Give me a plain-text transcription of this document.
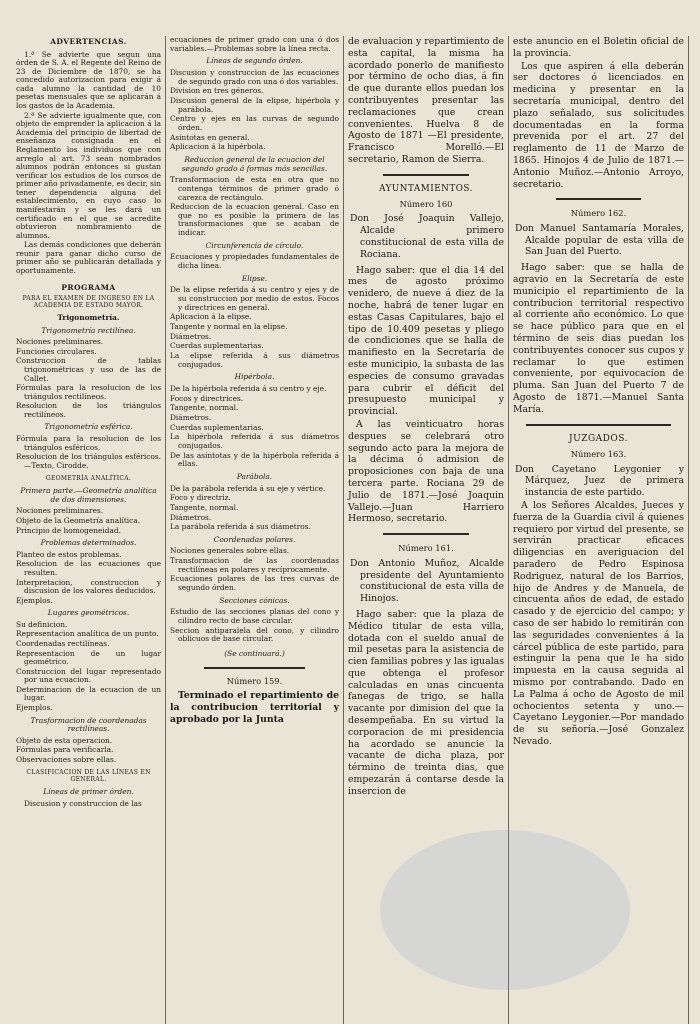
ADVERTENCIAS.

1.ª Se advierte que segun una órden de S. A. el Regente del Reino de 23 de Diciembre de 1870, se ha concedido autorizacion para exigir á cada alumno la cantidad de 10 pesetas mensuales que se aplicarán á los gastos de la Academia.

2.ª Se advierte igualmente que, con objeto de emprender la aplicacion á la Academia del principio de libertad de enseñanza consignada en el Reglamento los individuos que con arreglo al art. 73 sean nombrados alumnos podrán entonces si gustan verificar los estudios de los cursos de primer año privadamente, es decir, sin tener dependencia alguna del establecimiento, en cuyo caso lo manifestarán y se les dará un certificado en el que se acredite obtuvieron nombramiento de alumnos.

Las demás condiciones que deberán reunir para ganar dicho curso de primer año se publicarán detallada y oportunamente.

PROGRAMA
PARA EL EXAMEN DE INGRESO EN LA ACADEMIA DE ESTADO MAYOR.
Trigonometría.
Trigonometría rectilínea.

Nociones preliminares.

Funciones circulares.

Construccion de tablas trigonométricas y uso de las de Callet.

Fórmulas para la resolucion de los triángulos rectilíneos.

Resolucion de los triángulos rectilíneos.

Trigonometría esférica.

Fórmula para la resolucion de los triángulos esféricos.

Resolucion de los triángulos esféricos.—Texto, Cirodde.

GEOMETRÍA ANALÍTICA.
Primera parte.—Geometría analítica de dos dimensiones.

Nociones preliminares.

Objeto de la Geometría analítica.

Principio de homogeneidad.

Problemas determinados.

Planteo de estos problemas.

Resolucion de las ecuaciones que resulten.

Interpretacion, construccion y discusion de los valores deducidos.

Ejemplos.

Lugares geométricos.

Su definicion.

Representacion analítica de un punto.

Coordenadas rectilíneas.

Representacion de un lugar geométrico.

Construccion del lugar representado por una ecuacion.

Determinacion de la ecuacion de un lugar.

Ejemplos.

Trasformacion de coordenadas rectilíneas.

Objeto de esta operacion.

Fórmulas para verificarla.

Observaciones sobre ellas.

CLASIFICACION DE LAS LÍNEAS EN GENERAL.
Líneas de primer órden.

Discusion y construccion de las

ecuaciones de primer grado con una ó dos variables.—Problemas sobre la línea recta.

Líneas de segundo órden.

Discusion y construccion de las ecuaciones de segundo grado con una ó dos variables.

Division en tres géneros.

Discusion general de la elipse, hipérbola y parábola.

Centro y ejes en las curvas de segundo órden.

Asíntotas en general.

Aplicacion á la hipérbola.

Reduccion general de la ecuacion del segundo grado á formas más sencillas.

Transformacion de esta en otra que no contenga términos de primer grado ó carezca de rectángulo.

Reduccion de la ecuacion general. Caso en que no es posible la primera de las transformaciones que se acaban de indicar.

Circunferencia de círculo.

Ecuaciones y propiedades fundamentales de dicha línea.

Elipse.

De la elipse referida á su centro y ejes y de su construccion por medio de estos. Focos y directrices en general.

Aplicacion á la elipse.

Tangente y normal en la elipse.

Diámetros.

Cuerdas suplementarias.

La elipse referida á sus diámetros conjugados.

Hipérbola.

De la hipérbola referida á su centro y eje.

Focos y directrices.

Tangente, normal.

Diámetros.

Cuerdas suplementarias.

La hipérbola referida á sus diámetros conjugados.

De las asíntotas y de la hipérbola referida á ellas.

Parábola.

De la parábola referida á su eje y vértice.

Foco y directriz.

Tangente, normal.

Diámetros.

La parábola referida á sus diámetros.

Coordenadas polares.

Nociones generales sobre ellas.

Transformacion de las coordenadas rectilíneas en polares y recíprocamente.

Ecuaciones polares de las tres curvas de segundo órden.

Secciones cónicas.

Estudio de las secciones planas del cono y cilindro recto de base circular.

Seccion antiparalela del cono, y cilindro oblicuos de base circular.

(Se continuará.)
Número 159.

Terminado el repartimiento de la contribucion territorial y aprobado por la Junta

de evaluacion y repartimiento de esta capital, la misma ha acordado ponerlo de manifiesto por término de ocho dias, á fin de que durante ellos puedan los contribuyentes presentar las reclamaciones que crean convenientes. Huelva 8 de Agosto de 1871 —El presidente, Francisco Morelló.—El secretario, Ramon de Sierra.

AYUNTAMIENTOS.
Número 160

Don José Joaquin Vallejo, Alcalde primero constitucional de esta villa de Rociana.

Hago saber: que el dia 14 del mes de agosto próximo venidero, de nueve á diez de la noche, habrá de tener lugar en estas Casas Capitulares, bajo el tipo de 10.409 pesetas y pliego de condiciones que se halla de manifiesto en la Secretaría de este municipio, la subasta de las especies de consumo gravadas para cubrir el déficit del presupuesto municipal y provincial.

A las veinticuatro horas despues se celebrará otro segundo acto para la mejora de la décima ó admision de proposiciones con baja de una tercera parte. Rociana 29 de Julio de 1871.—José Joaquin Vallejo.—Juan Harriero Hermoso, secretario.

Número 161.

Don Antonio Muñoz, Alcalde presidente del Ayuntamiento constitucional de esta villa de Hinojos.

Hago saber: que la plaza de Médico titular de esta villa, dotada con el sueldo anual de mil pesetas para la asistencia de cien familias pobres y las igualas que obtenga el profesor calculadas en unas cincuenta fanegas de trigo, se halla vacante por dimision del que la desempeñaba. En su virtud la corporacion de mi presidencia ha acordado se anuncie la vacante de dicha plaza, por término de treinta dias, que empezarán á contarse desde la insercion de

este anuncio en el Boletin oficial de la provincia.

Los que aspiren á ella deberán ser doctores ó licenciados en medicina y presentar en la secretaría municipal, dentro del plazo señalado, sus solicitudes documentadas en la forma prevenida por el art. 27 del reglamento de 11 de Marzo de 1865. Hinojos 4 de Julio de 1871.—Antonio Muñoz.—Antonio Arroyo, secretario.

Número 162.

Don Manuel Santamaría Morales, Alcalde popular de esta villa de San Juan del Puerto.

Hago saber: que se halla de agravio en la Secretaría de este municipio el repartimiento de la contribucion territorial respectivo al corriente año económico. Lo que se hace público para que en el término de seis dias puedan los contribuyentes conocer sus cupos y reclamar lo que estimen conveniente, por equivocacion de pluma. San Juan del Puerto 7 de Agosto de 1871.—Manuel Santa María.

JUZGADOS.
Número 163.

Don Cayetano Leygonier y Márquez, Juez de primera instancia de este partido.

A los Señores Alcaldes, Jueces y fuerza de la Guardia civil á quienes requiero por virtud del presente, se servirán practicar eficaces diligencias en averiguacion del paradero de Pedro Espinosa Rodriguez, natural de los Barrios, hijo de Andres y de Manuela, de cincuenta años de edad, de estado casado y de ejercicio del campo; y caso de ser habido lo remitirán con las seguridades convenientes á la cárcel pública de este partido, para estinguir la pena que le ha sido impuesta en la causa seguida al mismo por contrabando. Dado en La Palma á ocho de Agosto de mil ochocientos setenta y uno.—Cayetano Leygonier.—Por mandado de su señoría.—José Gonzalez Nevado.
